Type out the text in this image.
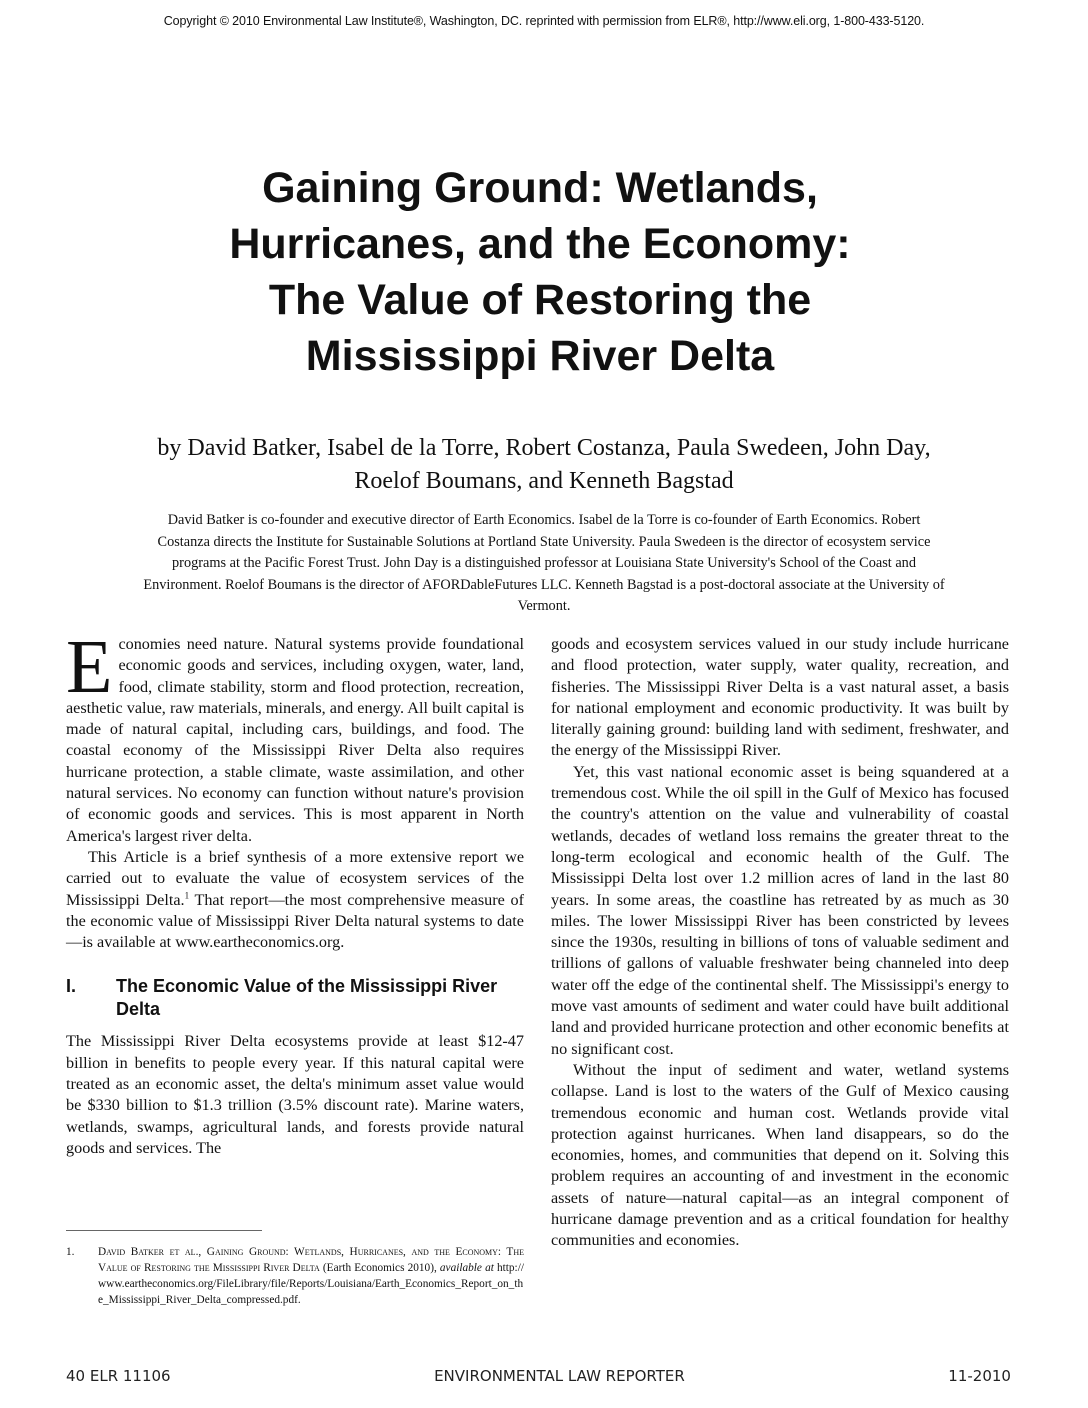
Copyright © 2010 Environmental Law Institute®, Washington, DC. reprinted with permission from ELR®, http://www.eli.org, 1-800-433-5120.
Gaining Ground: Wetlands,
Hurricanes, and the Economy:
The Value of Restoring the
Mississippi River Delta
by David Batker, Isabel de la Torre, Robert Costanza, Paula Swedeen, John Day,
Roelof Boumans, and Kenneth Bagstad
David Batker is co-founder and executive director of Earth Economics. Isabel de la Torre is co-founder of Earth Economics. Robert Costanza directs the Institute for Sustainable Solutions at Portland State University. Paula Swedeen is the director of ecosystem service programs at the Pacific Forest Trust. John Day is a distinguished professor at Louisiana State University's School of the Coast and Environment. Roelof Boumans is the director of AFORDableFutures LLC. Kenneth Bagstad is a post-doctoral associate at the University of Vermont.

Economies need nature. Natural systems provide foundational economic goods and services, including oxygen, water, land, food, climate stability, storm and flood protection, recreation, aesthetic value, raw materials, minerals, and energy. All built capital is made of natural capital, including cars, buildings, and food. The coastal economy of the Mississippi River Delta also requires hurricane protection, a stable climate, waste assimilation, and other natural services. No economy can function without nature's provision of economic goods and services. This is most apparent in North America's largest river delta.

This Article is a brief synthesis of a more extensive report we carried out to evaluate the value of ecosystem services of the Mississippi Delta.$^1$ That report—the most comprehensive measure of the economic value of Mississippi River Delta natural systems to date—is available at www.eartheconomics.org.

I.	The Economic Value of the Mississippi River Delta

The Mississippi River Delta ecosystems provide at least $12-47 billion in benefits to people every year. If this natural capital were treated as an economic asset, the delta's minimum asset value would be $330 billion to $1.3 trillion (3.5% discount rate). Marine waters, wetlands, swamps, agricultural lands, and forests provide natural goods and services. The

goods and ecosystem services valued in our study include hurricane and flood protection, water supply, water quality, recreation, and fisheries. The Mississippi River Delta is a vast natural asset, a basis for national employment and economic productivity. It was built by literally gaining ground: building land with sediment, freshwater, and the energy of the Mississippi River.

Yet, this vast national economic asset is being squandered at a tremendous cost. While the oil spill in the Gulf of Mexico has focused the country's attention on the value and vulnerability of coastal wetlands, decades of wetland loss remains the greater threat to the long-term ecological and economic health of the Gulf. The Mississippi Delta lost over 1.2 million acres of land in the last 80 years. In some areas, the coastline has retreated by as much as 30 miles. The lower Mississippi River has been constricted by levees since the 1930s, resulting in billions of tons of valuable sediment and trillions of gallons of valuable freshwater being channeled into deep water off the edge of the continental shelf. The Mississippi's energy to move vast amounts of sediment and water could have built additional land and provided hurricane protection and other economic benefits at no significant cost.

Without the input of sediment and water, wetland systems collapse. Land is lost to the waters of the Gulf of Mexico causing tremendous economic and human cost. Wetlands provide vital protection against hurricanes. When land disappears, so do the economies, homes, and communities that depend on it. Solving this problem requires an accounting of and investment in the economic assets of nature—natural capital—as an integral component of hurricane damage prevention and as a critical foundation for healthy communities and economies.

1.	David Batker et al., Gaining Ground: Wetlands, Hurricanes, and the Economy: The Value of Restoring the Mississippi River Delta (Earth Economics 2010), available at http://www.eartheconomics.org/FileLibrary/file/Reports/Louisiana/Earth_Economics_Report_on_the_Mississippi_River_Delta_compressed.pdf.
40 ELR 11106	ENVIRONMENTAL LAW REPORTER	11-2010
